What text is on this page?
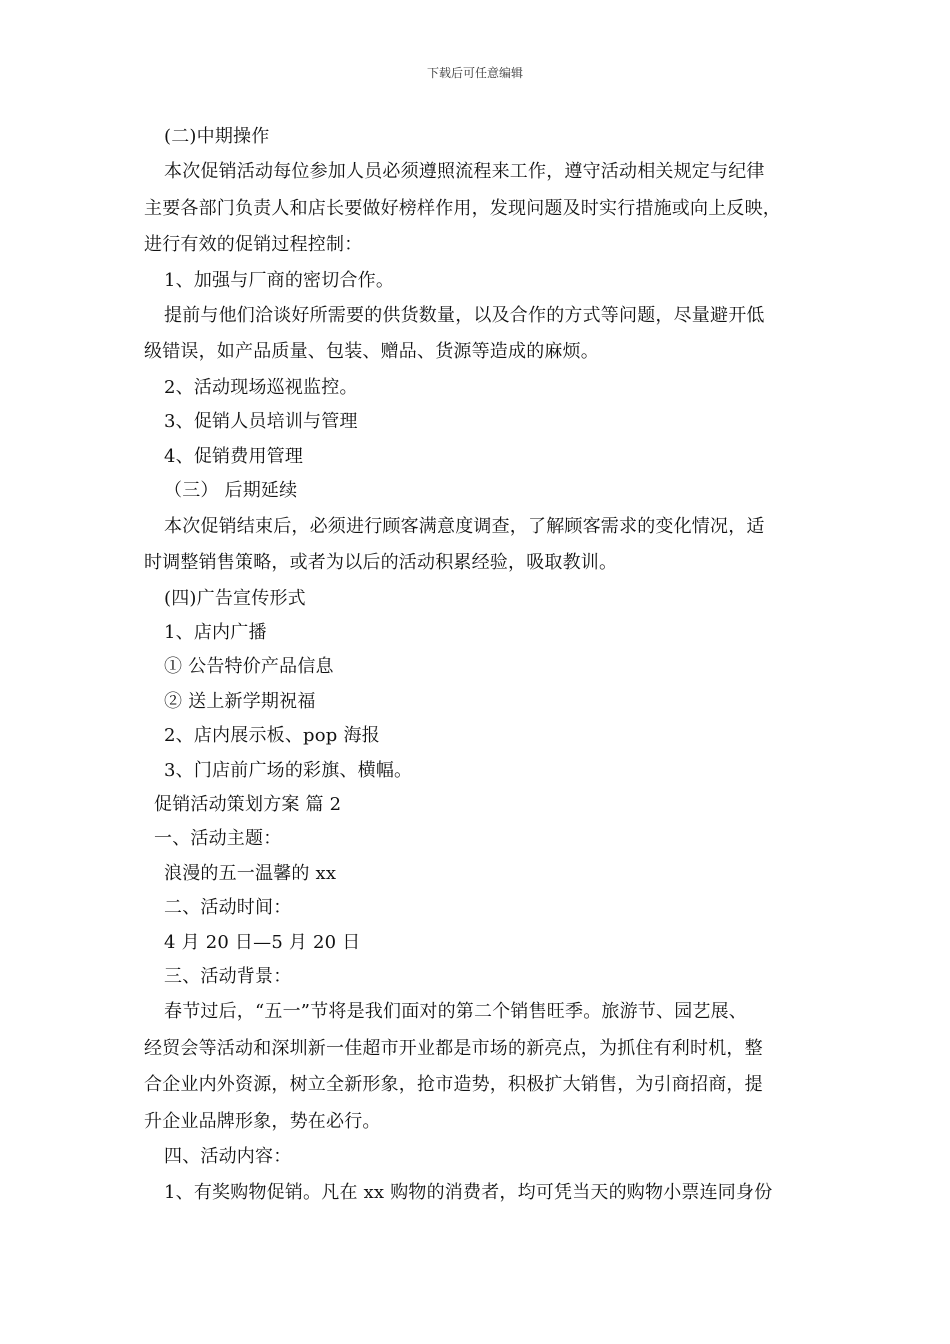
下载后可任意编辑
(二)中期操作
本次促销活动每位参加人员必须遵照流程来工作，遵守活动相关规定与纪律
主要各部门负责人和店长要做好榜样作用，发现问题及时实行措施或向上反映，
进行有效的促销过程控制：
1、加强与厂商的密切合作。
提前与他们洽谈好所需要的供货数量，以及合作的方式等问题，尽量避开低
级错误，如产品质量、包装、赠品、货源等造成的麻烦。
2、活动现场巡视监控。
3、促销人员培训与管理
4、促销费用管理
（三） 后期延续
本次促销结束后，必须进行顾客满意度调查，了解顾客需求的变化情况，适
时调整销售策略，或者为以后的活动积累经验，吸取教训。
(四)广告宣传形式
1、店内广播
① 公告特价产品信息
② 送上新学期祝福
2、店内展示板、pop 海报
3、门店前广场的彩旗、横幅。
促销活动策划方案 篇 2
一、活动主题：
浪漫的五一温馨的 xx
二、活动时间：
4 月 20 日—5 月 20 日
三、活动背景：
春节过后，“五一”节将是我们面对的第二个销售旺季。旅游节、园艺展、
经贸会等活动和深圳新一佳超市开业都是市场的新亮点，为抓住有利时机，整
合企业内外资源，树立全新形象，抢市造势，积极扩大销售，为引商招商，提
升企业品牌形象，势在必行。
四、活动内容：
1、有奖购物促销。凡在 xx 购物的消费者，均可凭当天的购物小票连同身份
